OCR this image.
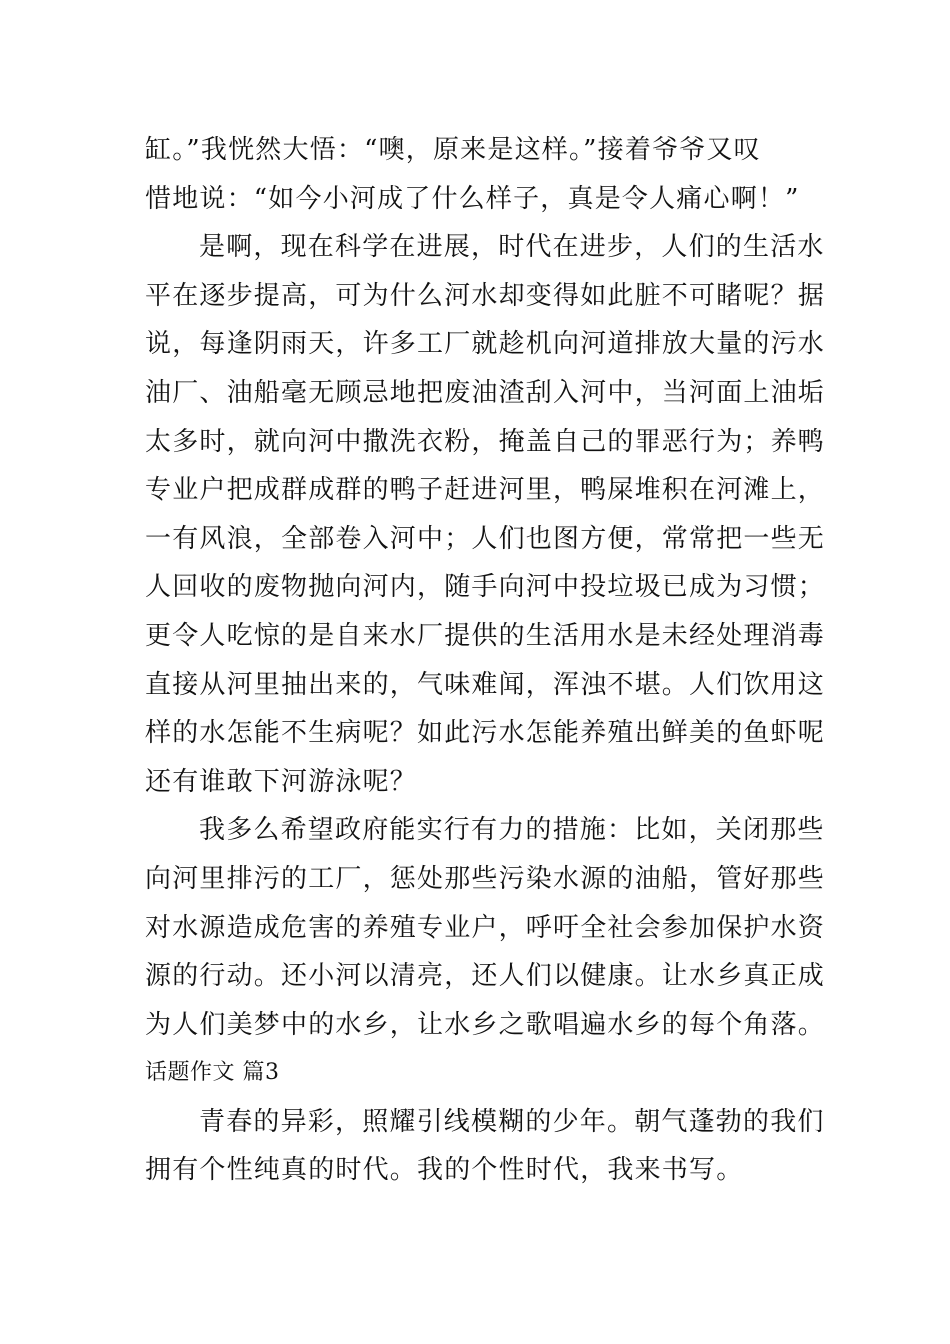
缸。”我恍然大悟：“噢，原来是这样。”接着爷爷又叹
惜地说：“如今小河成了什么样子，真是令人痛心啊！”
是啊，现在科学在进展，时代在进步，人们的生活水
平在逐步提高，可为什么河水却变得如此脏不可睹呢？据
说，每逢阴雨天，许多工厂就趁机向河道排放大量的污水
油厂、油船毫无顾忌地把废油渣刮入河中，当河面上油垢
太多时，就向河中撒洗衣粉，掩盖自己的罪恶行为；养鸭
专业户把成群成群的鸭子赶进河里，鸭屎堆积在河滩上，
一有风浪，全部卷入河中；人们也图方便，常常把一些无
人回收的废物抛向河内，随手向河中投垃圾已成为习惯；
更令人吃惊的是自来水厂提供的生活用水是未经处理消毒
直接从河里抽出来的，气味难闻，浑浊不堪。人们饮用这
样的水怎能不生病呢？如此污水怎能养殖出鲜美的鱼虾呢
还有谁敢下河游泳呢？
我多么希望政府能实行有力的措施：比如，关闭那些
向河里排污的工厂，惩处那些污染水源的油船，管好那些
对水源造成危害的养殖专业户，呼吁全社会参加保护水资
源的行动。还小河以清亮，还人们以健康。让水乡真正成
为人们美梦中的水乡，让水乡之歌唱遍水乡的每个角落。
话题作文 篇3
青春的异彩，照耀引线模糊的少年。朝气蓬勃的我们
拥有个性纯真的时代。我的个性时代，我来书写。
